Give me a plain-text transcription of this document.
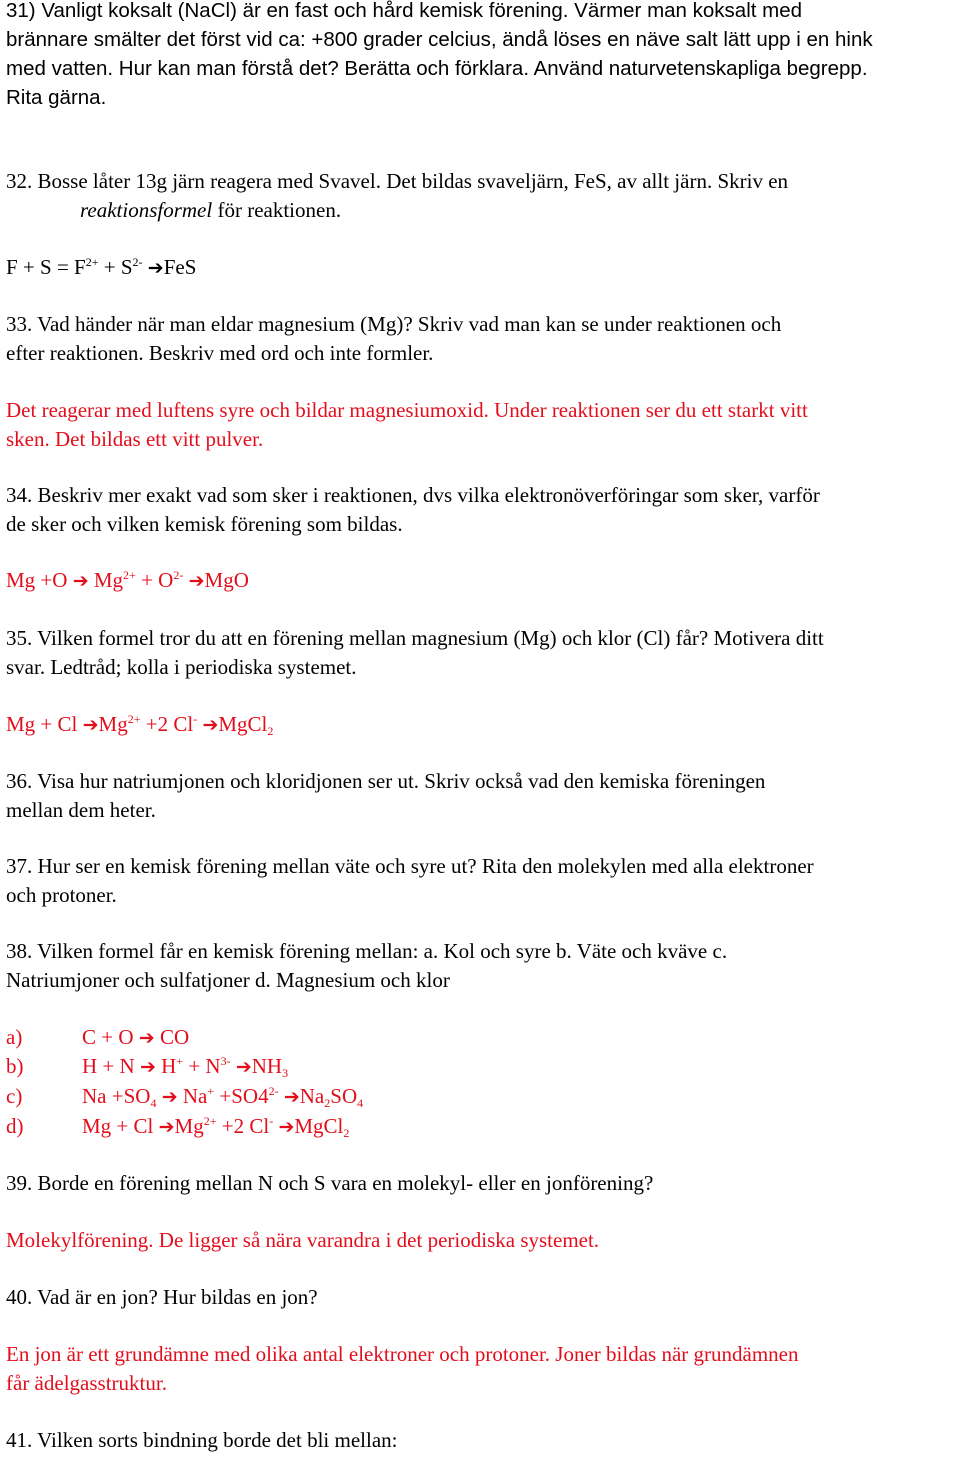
31) Vanligt koksalt (NaCl) är en fast och hård kemisk förening. Värmer man koksalt med

brännare smälter det först vid ca: +800 grader celcius, ändå löses en näve salt lätt upp i en hink

med vatten. Hur kan man förstå det? Berätta och förklara. Använd naturvetenskapliga begrepp.

Rita gärna.

32. Bosse låter 13g järn reagera med Svavel. Det bildas svaveljärn, FeS, av allt järn. Skriv en

reaktionsformel för reaktionen.

$F + S = F^{2+} + S^{2-}$ ➔FeS

33. Vad händer när man eldar magnesium (Mg)? Skriv vad man kan se under reaktionen och

efter reaktionen. Beskriv med ord och inte formler.

Det reagerar med luftens syre och bildar magnesiumoxid. Under reaktionen ser du ett starkt vitt

sken. Det bildas ett vitt pulver.

34. Beskriv mer exakt vad som sker i reaktionen, dvs vilka elektronöverföringar som sker, varför

de sker och vilken kemisk förening som bildas.

Mg +O ➔ $Mg^{2+} + O^{2-}$ ➔MgO

35. Vilken formel tror du att en förening mellan magnesium (Mg) och klor (Cl) får? Motivera ditt

svar. Ledtråd; kolla i periodiska systemet.

Mg + Cl $➔Mg^{2+} +2$ Cl- ➔MgCl$_2$

36. Visa hur natriumjonen och kloridjonen ser ut. Skriv också vad den kemiska föreningen

mellan dem heter.

37. Hur ser en kemisk förening mellan väte och syre ut? Rita den molekylen med alla elektroner

och protoner.

38. Vilken formel får en kemisk förening mellan: a. Kol och syre b. Väte och kväve c.

Natriumjoner och sulfatjoner d. Magnesium och klor

a)	C + O ➔ CO
b)	H + N ➔ $H^+ + N^{3-}$ $➔NH_3$
c)	$Na +SO_4$ ➔ $Na^+ +SO4^{2-}$ $➔Na_2SO_4$
d)	Mg + Cl $➔Mg^{2+} +2$ Cl- ➔MgCl$_2$

39. Borde en förening mellan N och S vara en molekyl- eller en jonförening?

Molekylförening. De ligger så nära varandra i det periodiska systemet.

40. Vad är en jon? Hur bildas en jon?

En jon är ett grundämne med olika antal elektroner och protoner. Joner bildas när grundämnen

får ädelgasstruktur.

41. Vilken sorts bindning borde det bli mellan:
